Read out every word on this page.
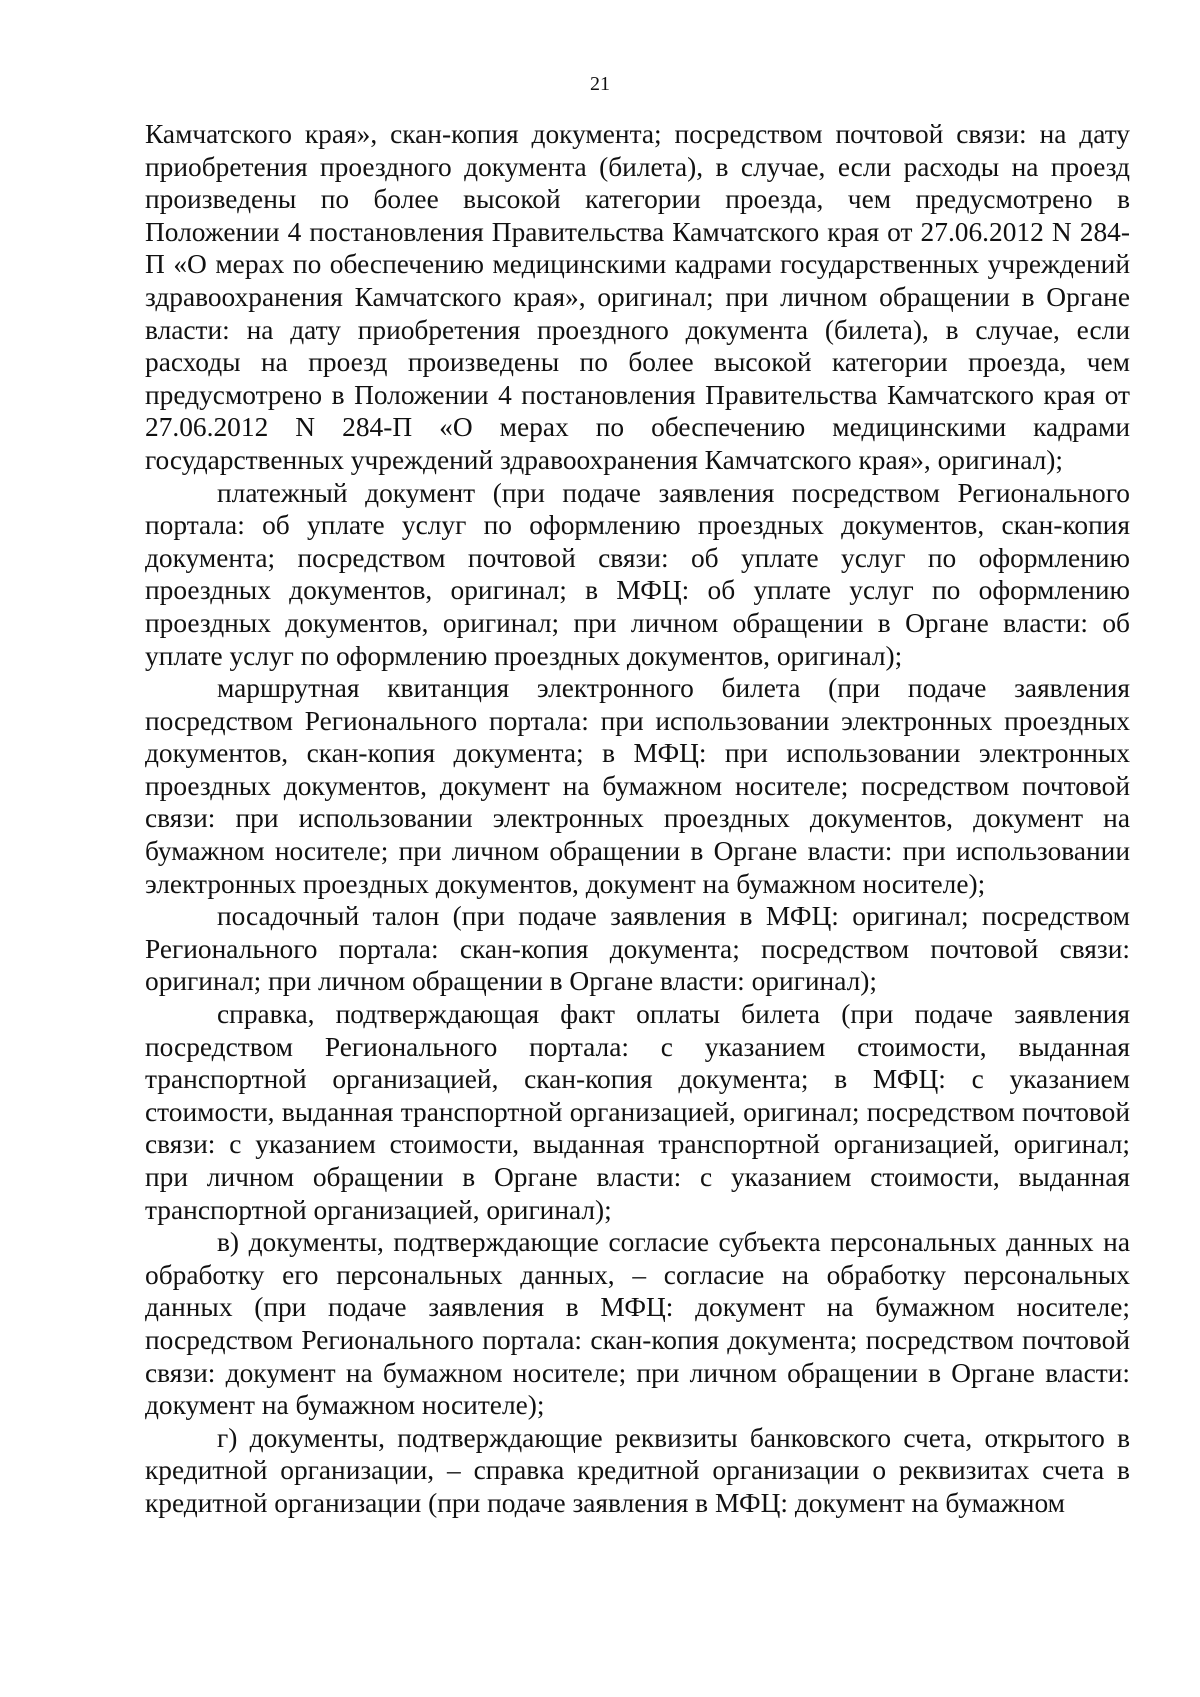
21

Камчатского края», скан-копия документа; посредством почтовой связи: на дату приобретения проездного документа (билета), в случае, если расходы на проезд произведены по более высокой категории проезда, чем предусмотрено в Положении 4 постановления Правительства Камчатского края от 27.06.2012 N 284-П «О мерах по обеспечению медицинскими кадрами государственных учреждений здравоохранения Камчатского края», оригинал; при личном обращении в Органе власти: на дату приобретения проездного документа (билета), в случае, если расходы на проезд произведены по более высокой категории проезда, чем предусмотрено в Положении 4 постановления Правительства Камчатского края от 27.06.2012 N 284-П «О мерах по обеспечению медицинскими кадрами государственных учреждений здравоохранения Камчатского края», оригинал);

платежный документ (при подаче заявления посредством Регионального портала: об уплате услуг по оформлению проездных документов, скан-копия документа; посредством почтовой связи: об уплате услуг по оформлению проездных документов, оригинал; в МФЦ: об уплате услуг по оформлению проездных документов, оригинал; при личном обращении в Органе власти: об уплате услуг по оформлению проездных документов, оригинал);

маршрутная квитанция электронного билета (при подаче заявления посредством Регионального портала: при использовании электронных проездных документов, скан-копия документа; в МФЦ: при использовании электронных проездных документов, документ на бумажном носителе; посредством почтовой связи: при использовании электронных проездных документов, документ на бумажном носителе; при личном обращении в Органе власти: при использовании электронных проездных документов, документ на бумажном носителе);

посадочный талон (при подаче заявления в МФЦ: оригинал; посредством Регионального портала: скан-копия документа; посредством почтовой связи: оригинал; при личном обращении в Органе власти: оригинал);

справка, подтверждающая факт оплаты билета (при подаче заявления посредством Регионального портала: с указанием стоимости, выданная транспортной организацией, скан-копия документа; в МФЦ: с указанием стоимости, выданная транспортной организацией, оригинал; посредством почтовой связи: с указанием стоимости, выданная транспортной организацией, оригинал; при личном обращении в Органе власти: с указанием стоимости, выданная транспортной организацией, оригинал);

в) документы, подтверждающие согласие субъекта персональных данных на обработку его персональных данных, – согласие на обработку персональных данных (при подаче заявления в МФЦ: документ на бумажном носителе; посредством Регионального портала: скан-копия документа; посредством почтовой связи: документ на бумажном носителе; при личном обращении в Органе власти: документ на бумажном носителе);

г) документы, подтверждающие реквизиты банковского счета, открытого в кредитной организации, – справка кредитной организации о реквизитах счета в кредитной организации (при подаче заявления в МФЦ: документ на бумажном
